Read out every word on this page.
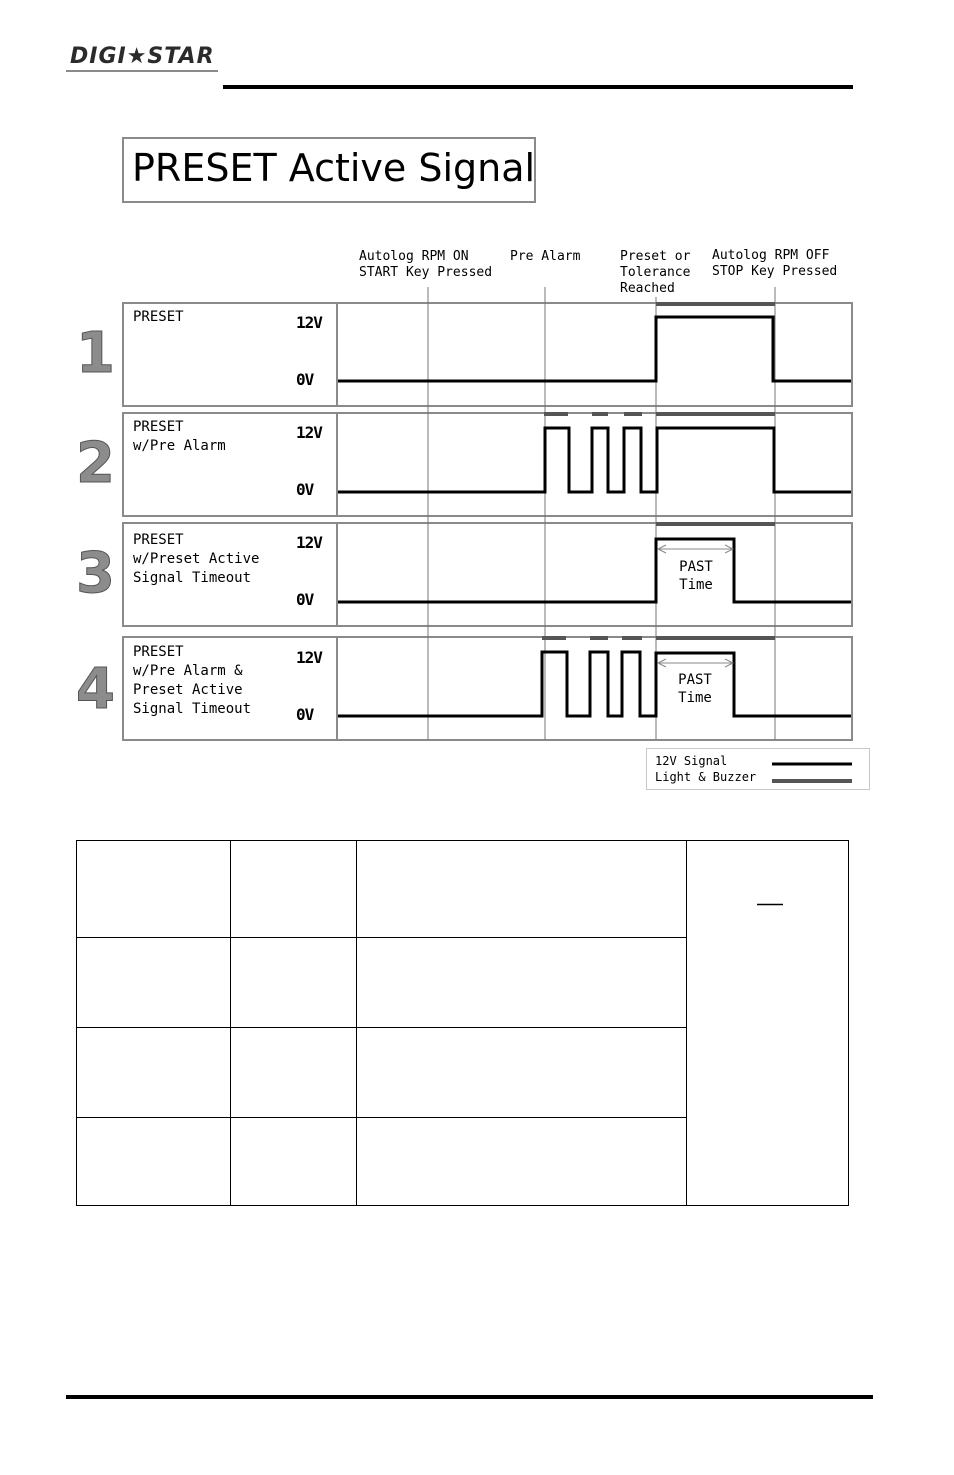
DIGI★STAR
PRESET Active Signal
Autolog RPM ON
START Key Pressed
Pre Alarm	Preset or
Tolerance
Reached
Autolog RPM OFF
STOP Key Pressed
1
PRESET	12V
0V
2
PRESET
w/Pre Alarm
12V
0V
3
PRESET
w/Preset Active
Signal Timeout
12V
0V
PAST
Time
4
PRESET
w/Pre Alarm &
Preset Active
Signal Timeout
12V
0V
PAST
Time
12V Signal
Light & Buzzer
